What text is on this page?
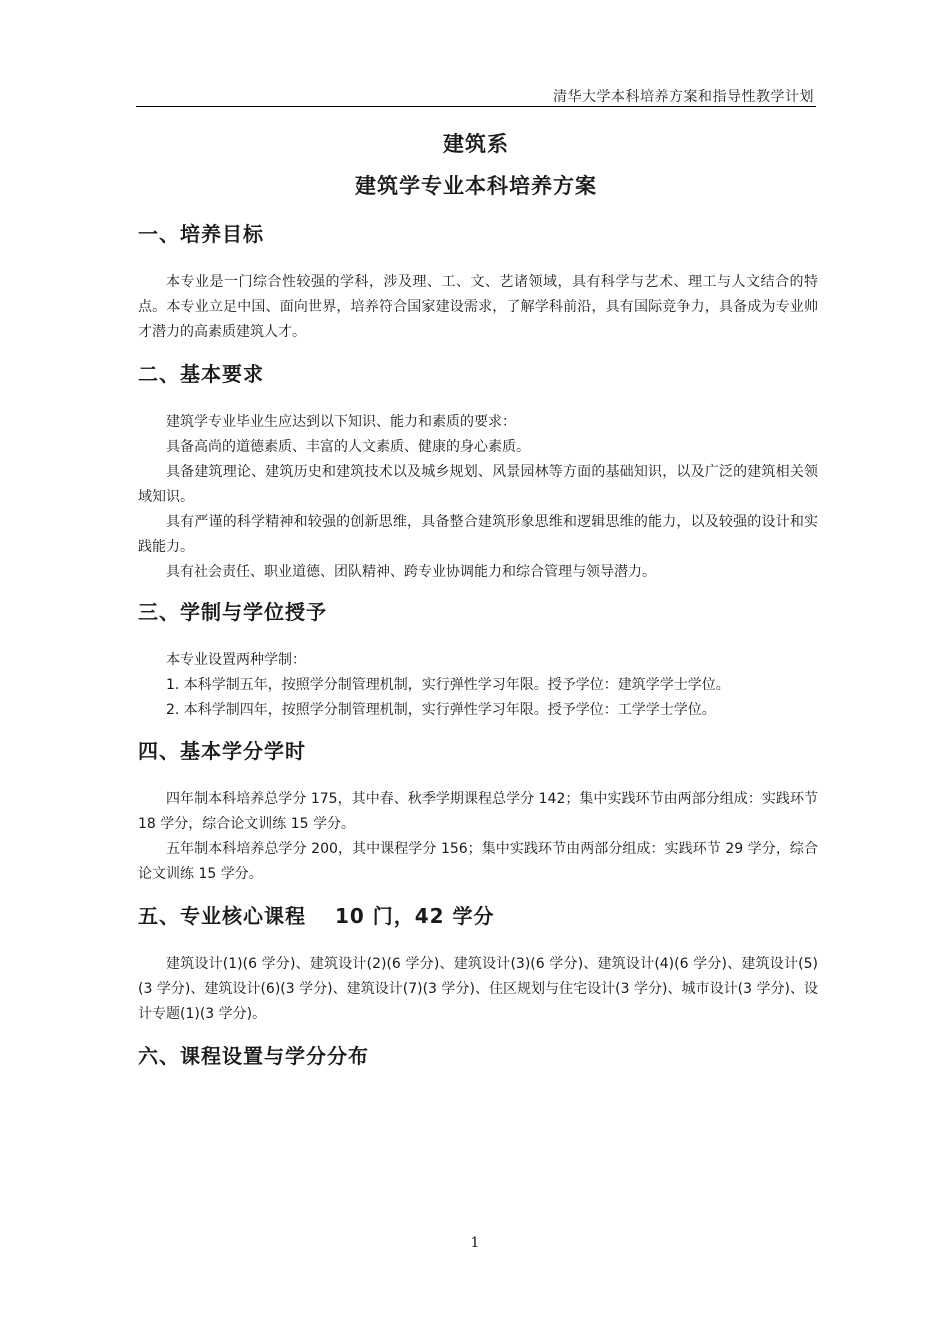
清华大学本科培养方案和指导性教学计划
建筑系
建筑学专业本科培养方案
一、培养目标

本专业是一门综合性较强的学科，涉及理、工、文、艺诸领域，具有科学与艺术、理工与人文结合的特点。本专业立足中国、面向世界，培养符合国家建设需求，了解学科前沿，具有国际竞争力，具备成为专业帅才潜力的高素质建筑人才。

二、基本要求

建筑学专业毕业生应达到以下知识、能力和素质的要求：

具备高尚的道德素质、丰富的人文素质、健康的身心素质。

具备建筑理论、建筑历史和建筑技术以及城乡规划、风景园林等方面的基础知识，以及广泛的建筑相关领域知识。

具有严谨的科学精神和较强的创新思维，具备整合建筑形象思维和逻辑思维的能力，以及较强的设计和实践能力。

具有社会责任、职业道德、团队精神、跨专业协调能力和综合管理与领导潜力。

三、学制与学位授予

本专业设置两种学制：

1. 本科学制五年，按照学分制管理机制，实行弹性学习年限。授予学位：建筑学学士学位。

2. 本科学制四年，按照学分制管理机制，实行弹性学习年限。授予学位：工学学士学位。

四、基本学分学时

四年制本科培养总学分 175，其中春、秋季学期课程总学分 142；集中实践环节由两部分组成：实践环节 18 学分，综合论文训练 15 学分。

五年制本科培养总学分 200，其中课程学分 156；集中实践环节由两部分组成：实践环节 29 学分，综合论文训练 15 学分。

五、专业核心课程　 10 门，42 学分

建筑设计(1)(6 学分)、建筑设计(2)(6 学分)、建筑设计(3)(6 学分)、建筑设计(4)(6 学分)、建筑设计(5)(3 学分)、建筑设计(6)(3 学分)、建筑设计(7)(3 学分)、住区规划与住宅设计(3 学分)、城市设计(3 学分)、设计专题(1)(3 学分)。

六、课程设置与学分分布
1
